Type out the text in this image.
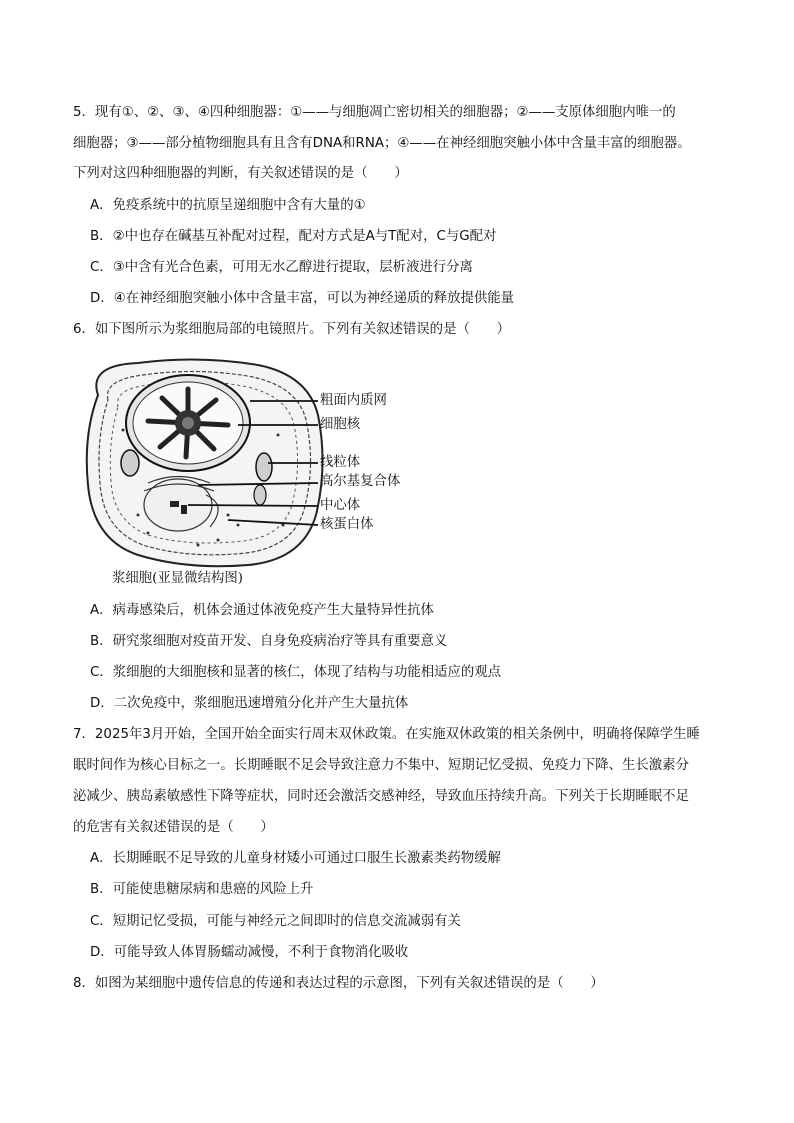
5．现有①、②、③、④四种细胞器：①——与细胞凋亡密切相关的细胞器；②——支原体细胞内唯一的
细胞器；③——部分植物细胞具有且含有DNA和RNA；④——在神经细胞突触小体中含量丰富的细胞器。
下列对这四种细胞器的判断，有关叙述错误的是（　　）
A．免疫系统中的抗原呈递细胞中含有大量的①
B．②中也存在碱基互补配对过程，配对方式是A与T配对，C与G配对
C．③中含有光合色素，可用无水乙醇进行提取，层析液进行分离
D．④在神经细胞突触小体中含量丰富，可以为神经递质的释放提供能量
6．如下图所示为浆细胞局部的电镜照片。下列有关叙述错误的是（　　）
粗面内质网
细胞核
线粒体
高尔基复合体
中心体
核蛋白体
浆细胞(亚显微结构图)
A．病毒感染后，机体会通过体液免疫产生大量特异性抗体
B．研究浆细胞对疫苗开发、自身免疫病治疗等具有重要意义
C．浆细胞的大细胞核和显著的核仁，体现了结构与功能相适应的观点
D．二次免疫中，浆细胞迅速增殖分化并产生大量抗体
7．2025年3月开始，全国开始全面实行周末双休政策。在实施双休政策的相关条例中，明确将保障学生睡
眠时间作为核心目标之一。长期睡眠不足会导致注意力不集中、短期记忆受损、免疫力下降、生长激素分
泌减少、胰岛素敏感性下降等症状，同时还会激活交感神经，导致血压持续升高。下列关于长期睡眠不足
的危害有关叙述错误的是（　　）
A．长期睡眠不足导致的儿童身材矮小可通过口服生长激素类药物缓解
B．可能使患糖尿病和患癌的风险上升
C．短期记忆受损，可能与神经元之间即时的信息交流减弱有关
D．可能导致人体胃肠蠕动减慢，不利于食物消化吸收
8．如图为某细胞中遗传信息的传递和表达过程的示意图，下列有关叙述错误的是（　　）
